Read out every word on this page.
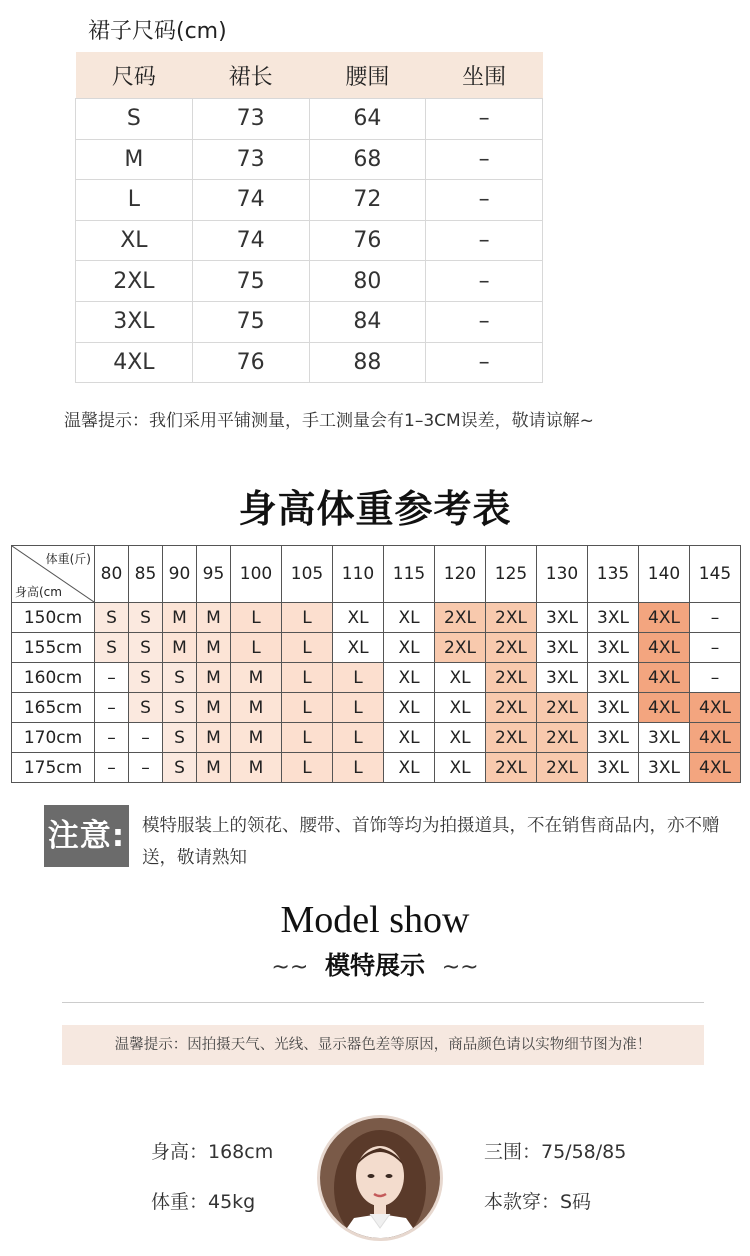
裙子尺码(cm)
尺码	裙长	腰围	坐围
S	73	64	–
M	73	68	–
L	74	72	–
XL	74	76	–
2XL	75	80	–
3XL	75	84	–
4XL	76	88	–
温馨提示：我们采用平铺测量，手工测量会有1–3CM误差，敬请谅解~
身高体重参考表
体重(斤)
身高(cm	80	85	90	95	100	105	110	115	120	125	130	135	140	145
150cm	S	S	M	M	L	L	XL	XL	2XL	2XL	3XL	3XL	4XL	–
155cm	S	S	M	M	L	L	XL	XL	2XL	2XL	3XL	3XL	4XL	–
160cm	–	S	S	M	M	L	L	XL	XL	2XL	3XL	3XL	4XL	–
165cm	–	S	S	M	M	L	L	XL	XL	2XL	2XL	3XL	4XL	4XL
170cm	–	–	S	M	M	L	L	XL	XL	2XL	2XL	3XL	3XL	4XL
175cm	–	–	S	M	M	L	L	XL	XL	2XL	2XL	3XL	3XL	4XL
注意: 模特服装上的领花、腰带、首饰等均为拍摄道具，不在销售商品内，亦不赠送，敬请熟知
Model show
~~ 模特展示 ~~
温馨提示：因拍摄天气、光线、显示器色差等原因，商品颜色请以实物细节图为准！
身高：168cm
体重：45kg
三围：75/58/85
本款穿：S码
